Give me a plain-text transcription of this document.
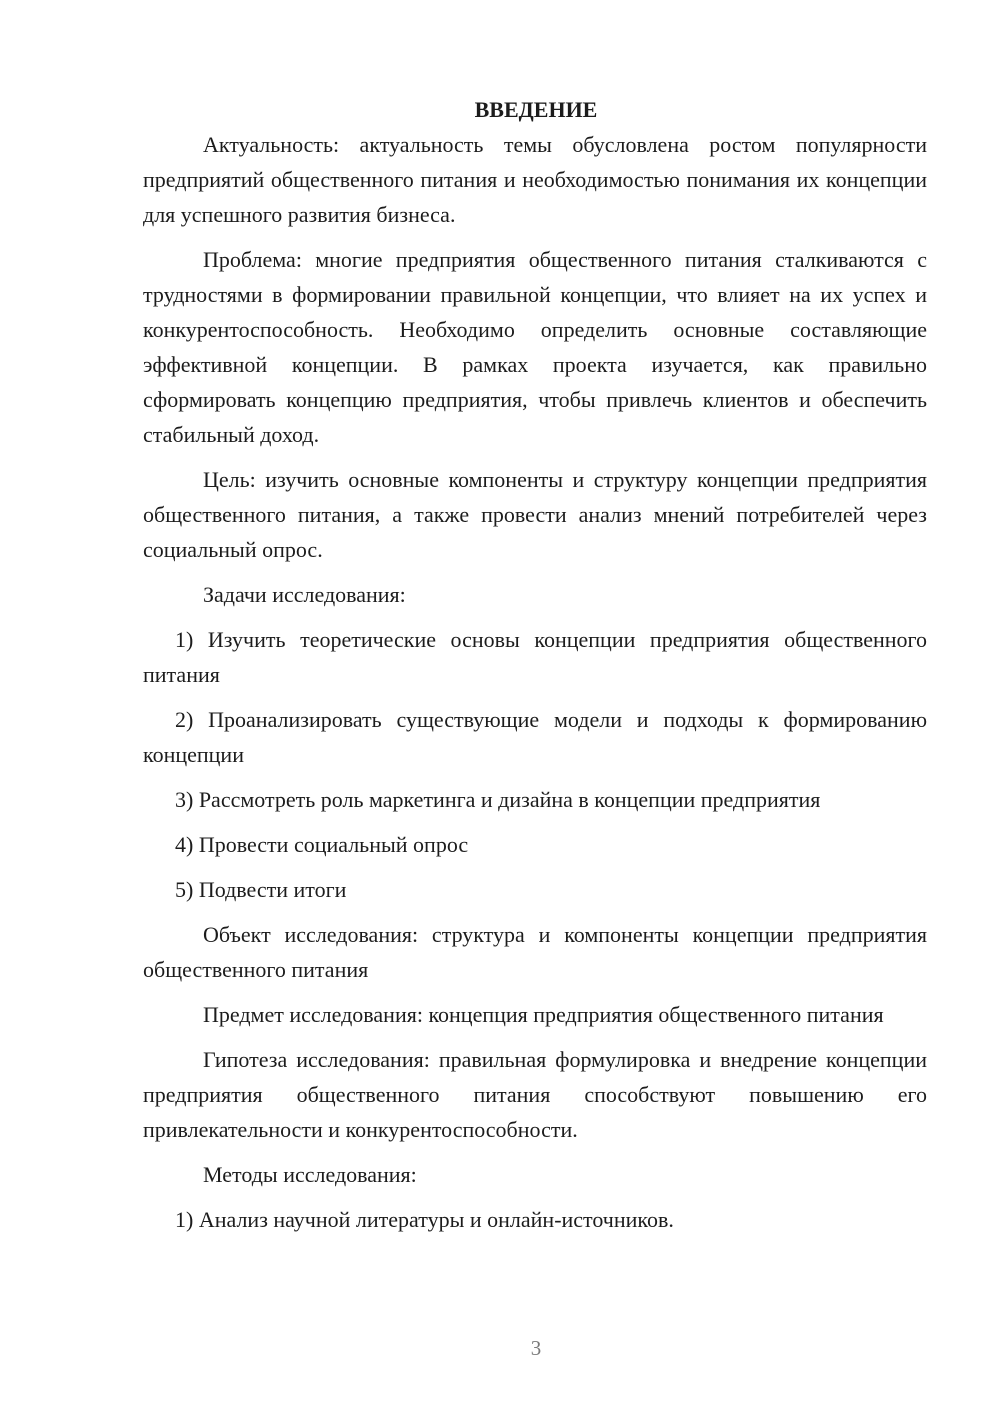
ВВЕДЕНИЕ

Актуальность: актуальность темы обусловлена ростом популярности предприятий общественного питания и необходимостью понимания их концепции для успешного развития бизнеса.

Проблема: многие предприятия общественного питания сталкиваются с трудностями в формировании правильной концепции, что влияет на их успех и конкурентоспособность. Необходимо определить основные составляющие эффективной концепции. В рамках проекта изучается, как правильно сформировать концепцию предприятия, чтобы привлечь клиентов и обеспечить стабильный доход.

Цель: изучить основные компоненты и структуру концепции предприятия общественного питания, а также провести анализ мнений потребителей через социальный опрос.

Задачи исследования:

1) Изучить теоретические основы концепции предприятия общественного питания

2) Проанализировать существующие модели и подходы к формированию концепции

3) Рассмотреть роль маркетинга и дизайна в концепции предприятия

4) Провести социальный опрос

5) Подвести итоги

Объект исследования: структура и компоненты концепции предприятия общественного питания

Предмет исследования: концепция предприятия общественного питания

Гипотеза исследования: правильная формулировка и внедрение концепции предприятия общественного питания способствуют повышению его привлекательности и конкурентоспособности.

Методы исследования:

1) Анализ научной литературы и онлайн-источников.

3
